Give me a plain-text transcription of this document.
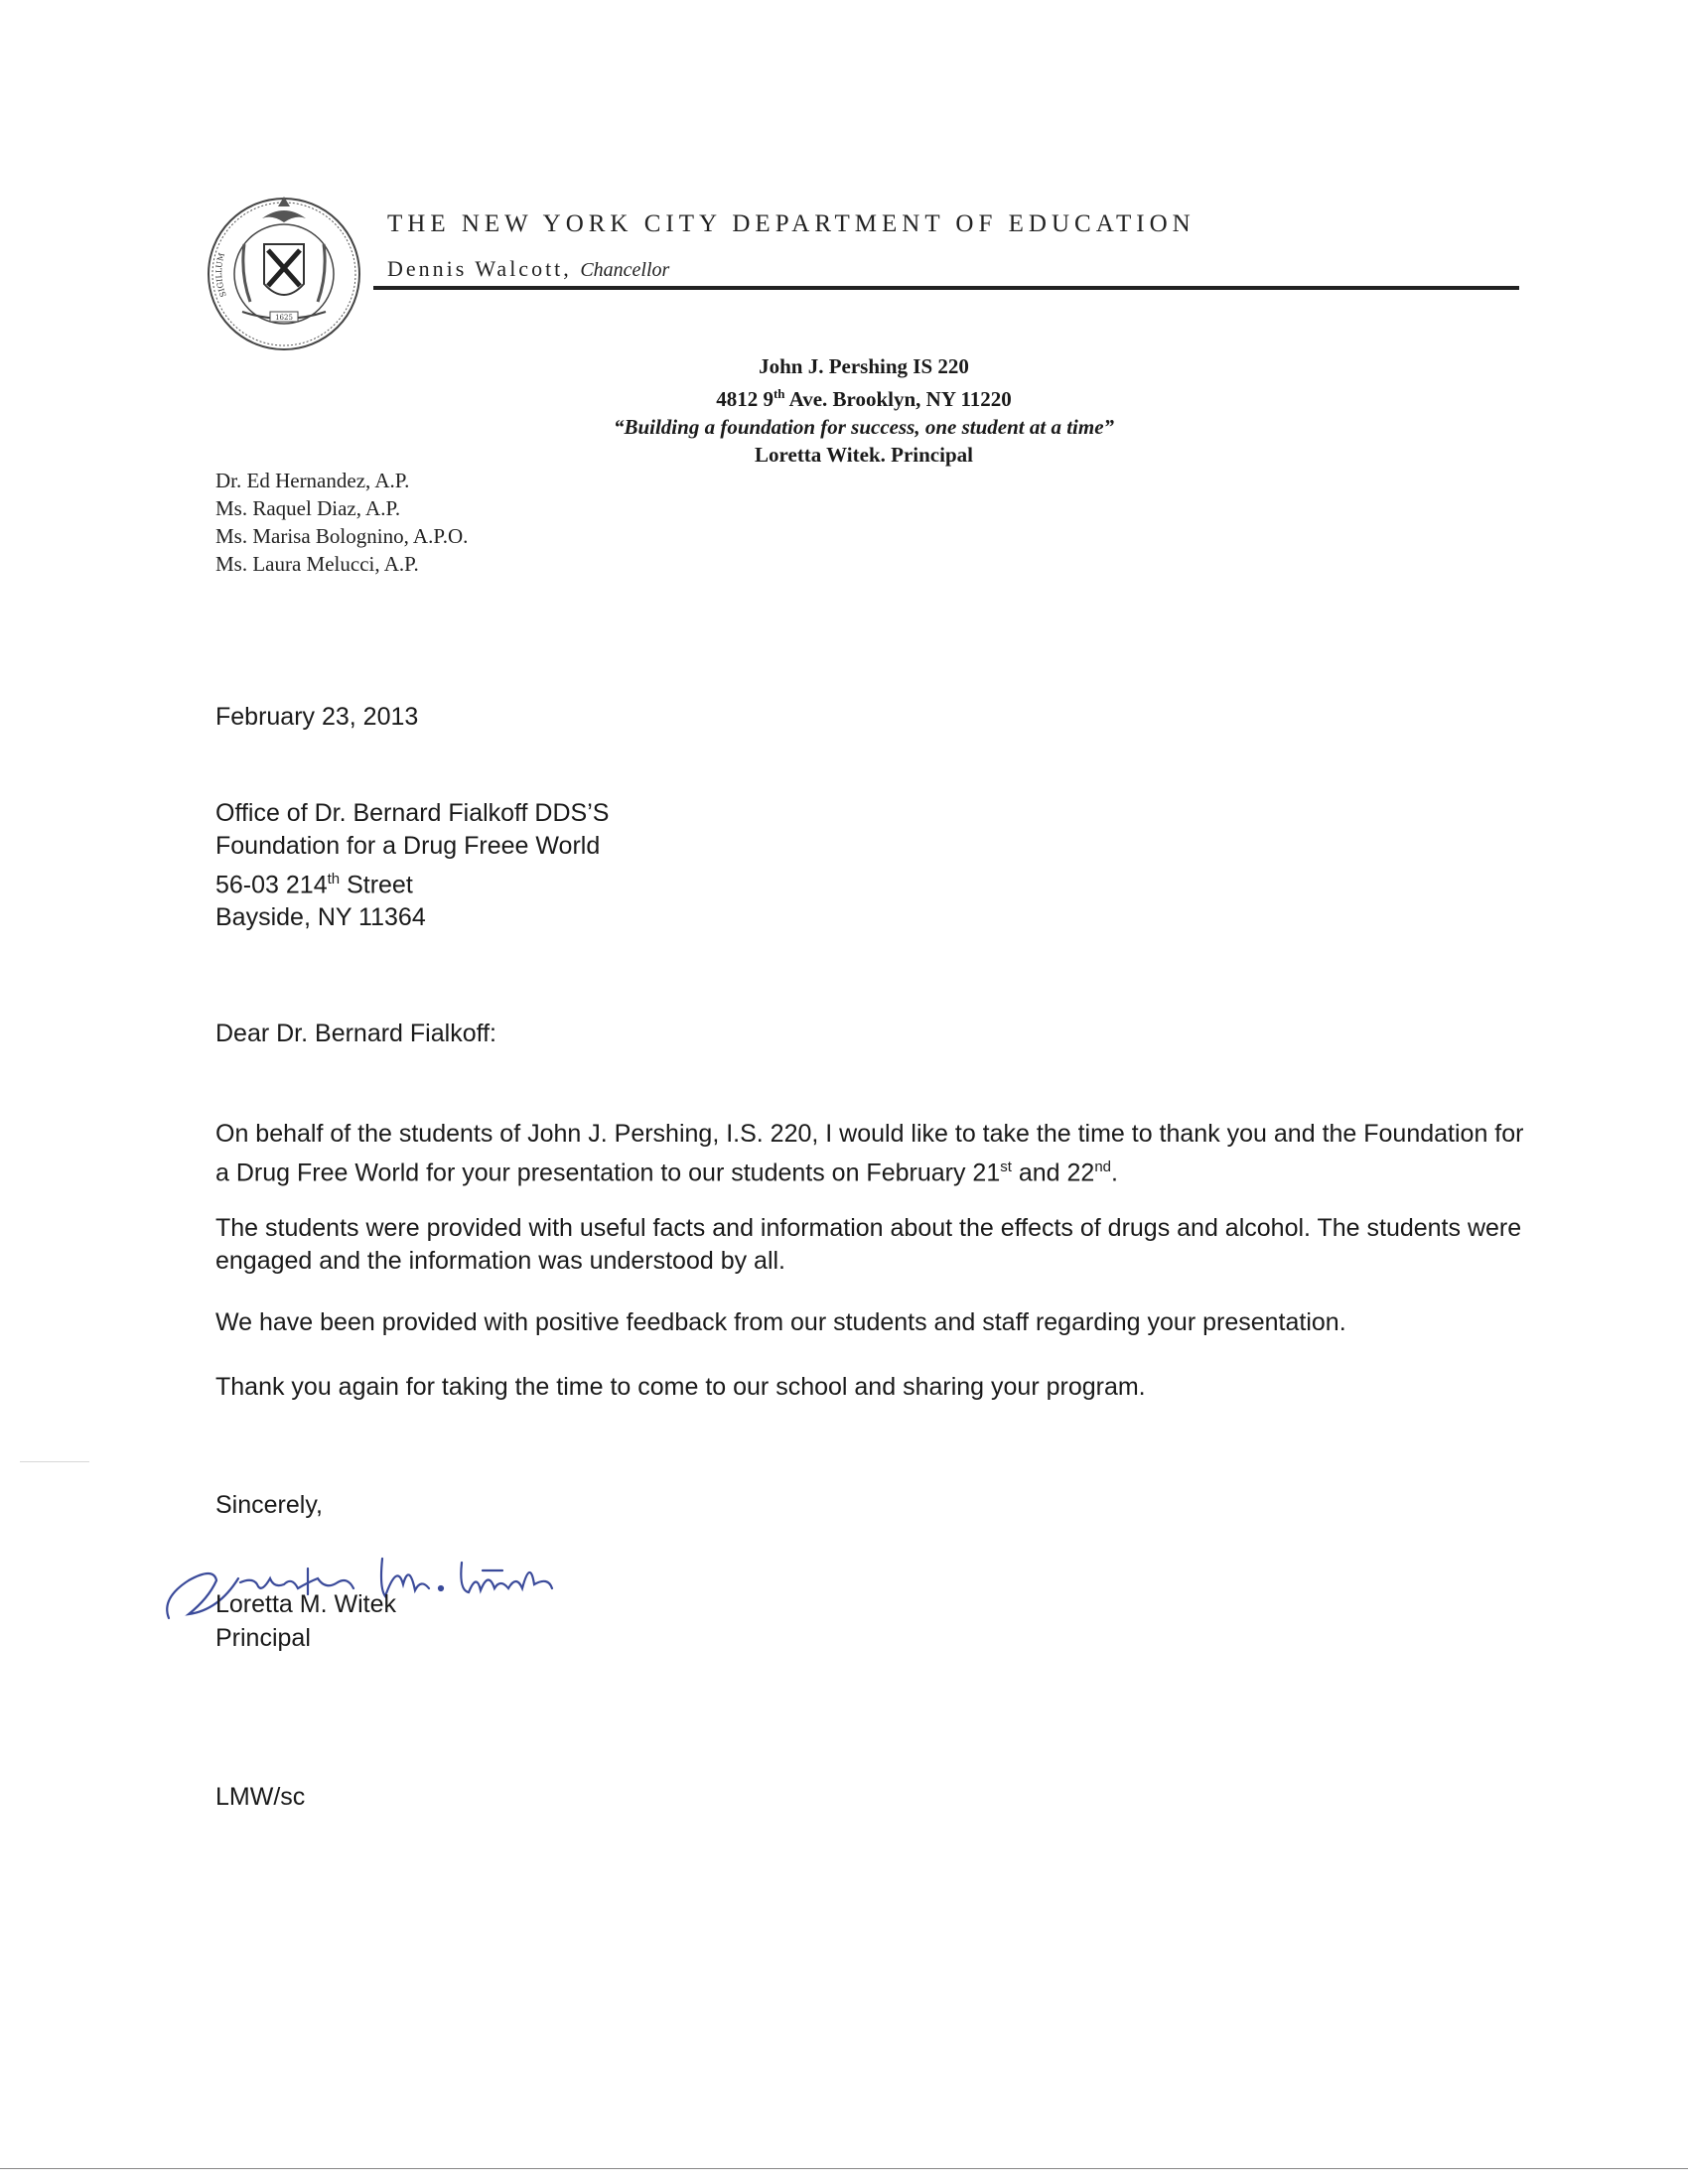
1625
SIGILLUM
THE NEW YORK CITY DEPARTMENT OF EDUCATION
Dennis Walcott, Chancellor
John J. Pershing IS 220
4812 9th Ave. Brooklyn, NY 11220
“Building a foundation for success, one student at a time”
Loretta Witek. Principal
Dr. Ed Hernandez, A.P.
Ms. Raquel Diaz, A.P.
Ms. Marisa Bolognino, A.P.O.
Ms. Laura Melucci, A.P.
February 23, 2013
Office of Dr. Bernard Fialkoff DDS’S
Foundation for a Drug Freee World
56-03 214th Street
Bayside, NY 11364
Dear Dr. Bernard Fialkoff:
On behalf of the students of John J. Pershing, I.S. 220, I would like to take the time to thank you and the Foundation for a Drug Free World for your presentation to our students on February 21st and 22nd.
The students were provided with useful facts and information about the effects of drugs and alcohol. The students were engaged and the information was understood by all.
We have been provided with positive feedback from our students and staff regarding your presentation.
Thank you again for taking the time to come to our school and sharing your program.
Sincerely,
Loretta M. Witek
Principal
LMW/sc
